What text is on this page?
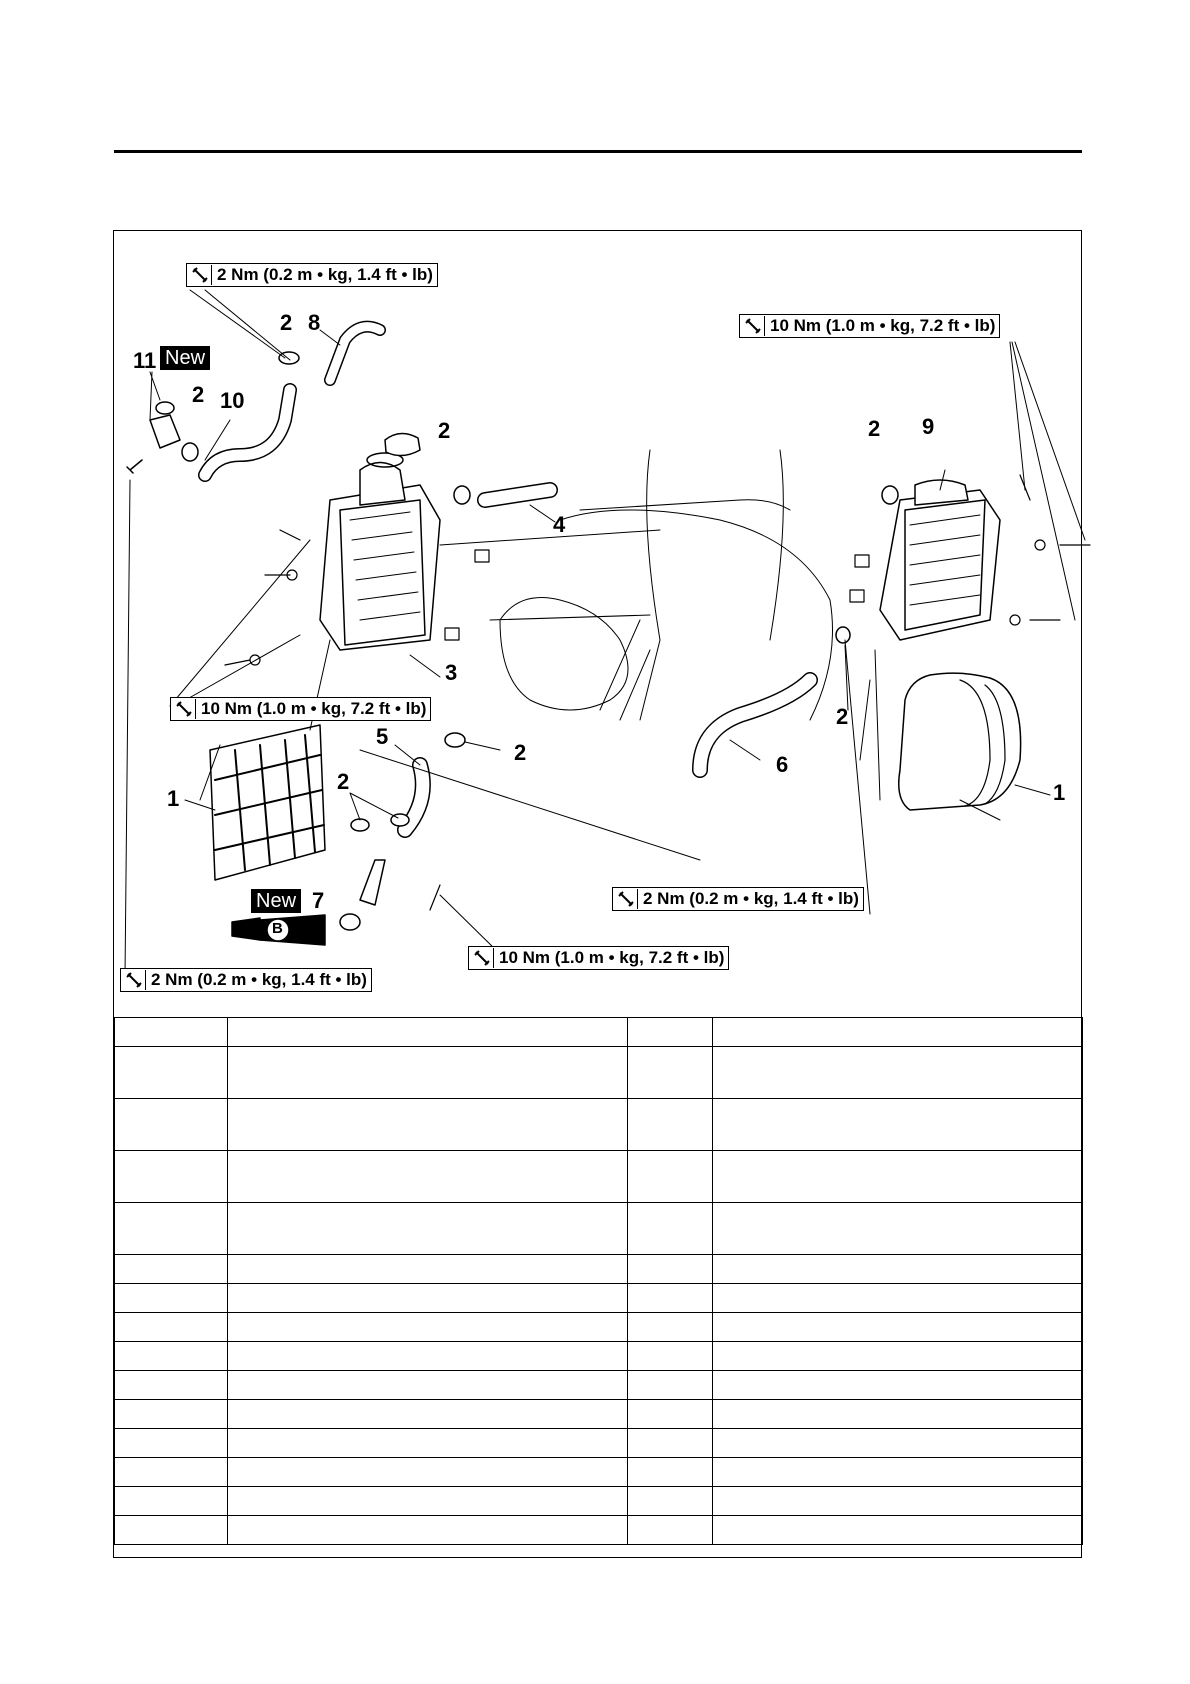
B
2 Nm (0.2 m • kg, 1.4 ft • lb)
10 Nm (1.0 m • kg, 7.2 ft • lb)
10 Nm (1.0 m • kg, 7.2 ft • lb)
2 Nm (0.2 m • kg, 1.4 ft • lb)
10 Nm (1.0 m • kg, 7.2 ft • lb)
2 Nm (0.2 m • kg, 1.4 ft • lb)
2 8
11 New
2 10
2	2 9
4
3
2
5
2	6
2
1	1
New 7
